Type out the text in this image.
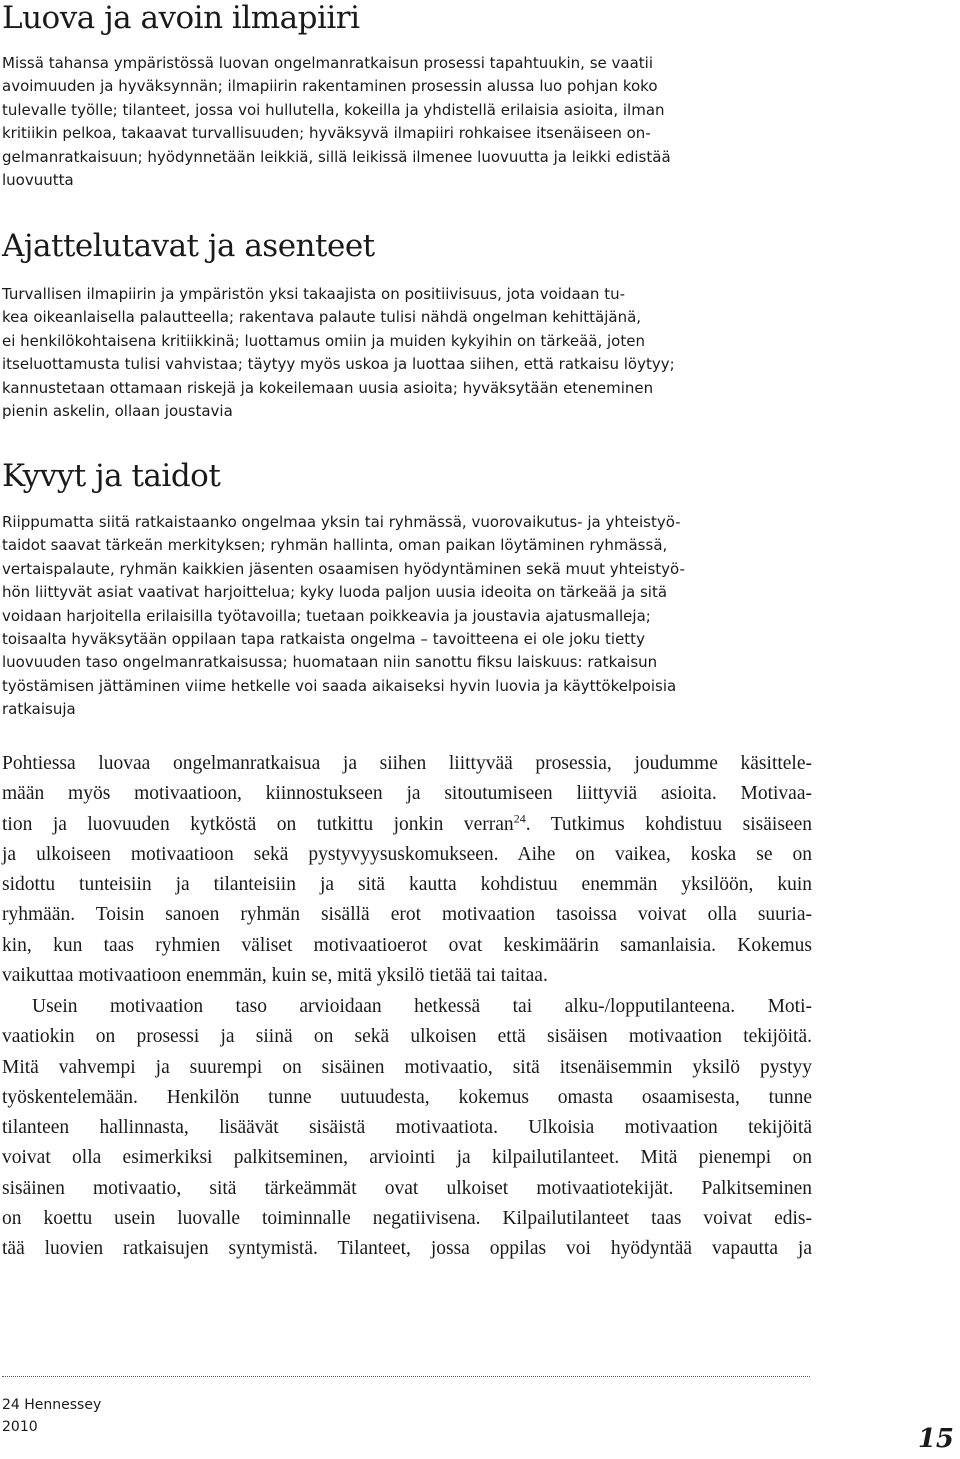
Luova ja avoin ilmapiiri
Missä tahansa ympäristössä luovan ongelmanratkaisun prosessi tapahtuukin, se vaatii
avoimuuden ja hyväksynnän; ilmapiirin rakentaminen prosessin alussa luo pohjan koko
tulevalle työlle; tilanteet, jossa voi hullutella, kokeilla ja yhdistellä erilaisia asioita, ilman
kritiikin pelkoa, takaavat turvallisuuden; hyväksyvä ilmapiiri rohkaisee itsenäiseen on-
gelmanratkaisuun; hyödynnetään leikkiä, sillä leikissä ilmenee luovuutta ja leikki edistää
luovuutta
Ajattelutavat ja asenteet
Turvallisen ilmapiirin ja ympäristön yksi takaajista on positiivisuus, jota voidaan tu-
kea oikeanlaisella palautteella; rakentava palaute tulisi nähdä ongelman kehittäjänä,
ei henkilökohtaisena kritiikkinä; luottamus omiin ja muiden kykyihin on tärkeää, joten
itseluottamusta tulisi vahvistaa; täytyy myös uskoa ja luottaa siihen, että ratkaisu löytyy;
kannustetaan ottamaan riskejä ja kokeilemaan uusia asioita; hyväksytään eteneminen
pienin askelin, ollaan joustavia
Kyvyt ja taidot
Riippumatta siitä ratkaistaanko ongelmaa yksin tai ryhmässä, vuorovaikutus- ja yhteistyö-
taidot saavat tärkeän merkityksen; ryhmän hallinta, oman paikan löytäminen ryhmässä,
vertaispalaute, ryhmän kaikkien jäsenten osaamisen hyödyntäminen sekä muut yhteistyö-
hön liittyvät asiat vaativat harjoittelua; kyky luoda paljon uusia ideoita on tärkeää ja sitä
voidaan harjoitella erilaisilla työtavoilla; tuetaan poikkeavia ja joustavia ajatusmalleja;
toisaalta hyväksytään oppilaan tapa ratkaista ongelma – tavoitteena ei ole joku tietty
luovuuden taso ongelmanratkaisussa; huomataan niin sanottu fiksu laiskuus: ratkaisun
työstämisen jättäminen viime hetkelle voi saada aikaiseksi hyvin luovia ja käyttökelpoisia
ratkaisuja
Pohtiessa luovaa ongelmanratkaisua ja siihen liittyvää prosessia, joudumme käsittele-
mään myös motivaatioon, kiinnostukseen ja sitoutumiseen liittyviä asioita. Motivaa-
tion ja luovuuden kytköstä on tutkittu jonkin verran$^{24}$. Tutkimus kohdistuu sisäiseen
ja ulkoiseen motivaatioon sekä pystyvyysuskomukseen. Aihe on vaikea, koska se on
sidottu tunteisiin ja tilanteisiin ja sitä kautta kohdistuu enemmän yksilöön, kuin
ryhmään. Toisin sanoen ryhmän sisällä erot motivaation tasoissa voivat olla suuria-
kin, kun taas ryhmien väliset motivaatioerot ovat keskimäärin samanlaisia. Kokemus
vaikuttaa motivaatioon enemmän, kuin se, mitä yksilö tietää tai taitaa.
Usein motivaation taso arvioidaan hetkessä tai alku-/lopputilanteena. Moti-
vaatiokin on prosessi ja siinä on sekä ulkoisen että sisäisen motivaation tekijöitä.
Mitä vahvempi ja suurempi on sisäinen motivaatio, sitä itsenäisemmin yksilö pystyy
työskentelemään. Henkilön tunne uutuudesta, kokemus omasta osaamisesta, tunne
tilanteen hallinnasta, lisäävät sisäistä motivaatiota. Ulkoisia motivaation tekijöitä
voivat olla esimerkiksi palkitseminen, arviointi ja kilpailutilanteet. Mitä pienempi on
sisäinen motivaatio, sitä tärkeämmät ovat ulkoiset motivaatiotekijät. Palkitseminen
on koettu usein luovalle toiminnalle negatiivisena. Kilpailutilanteet taas voivat edis-
tää luovien ratkaisujen syntymistä. Tilanteet, jossa oppilas voi hyödyntää vapautta ja
24 Hennessey
2010	15
